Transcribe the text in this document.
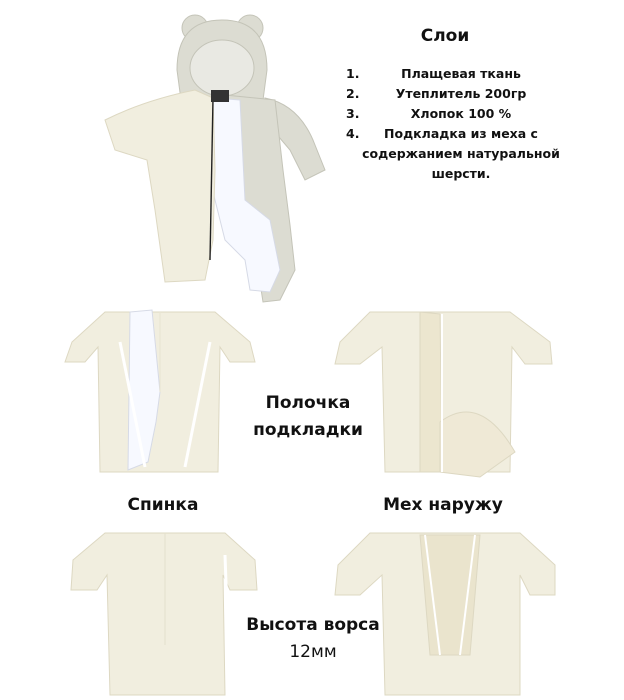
Слои
1.	Плащевая ткань
2.	Утеплитель 200гр
3.	Хлопок 100 %
4.	Подкладка из меха с содержанием натуральной шерсти.
Полочка
подкладки
Спинка	Мех наружу
Высота ворса
12мм
